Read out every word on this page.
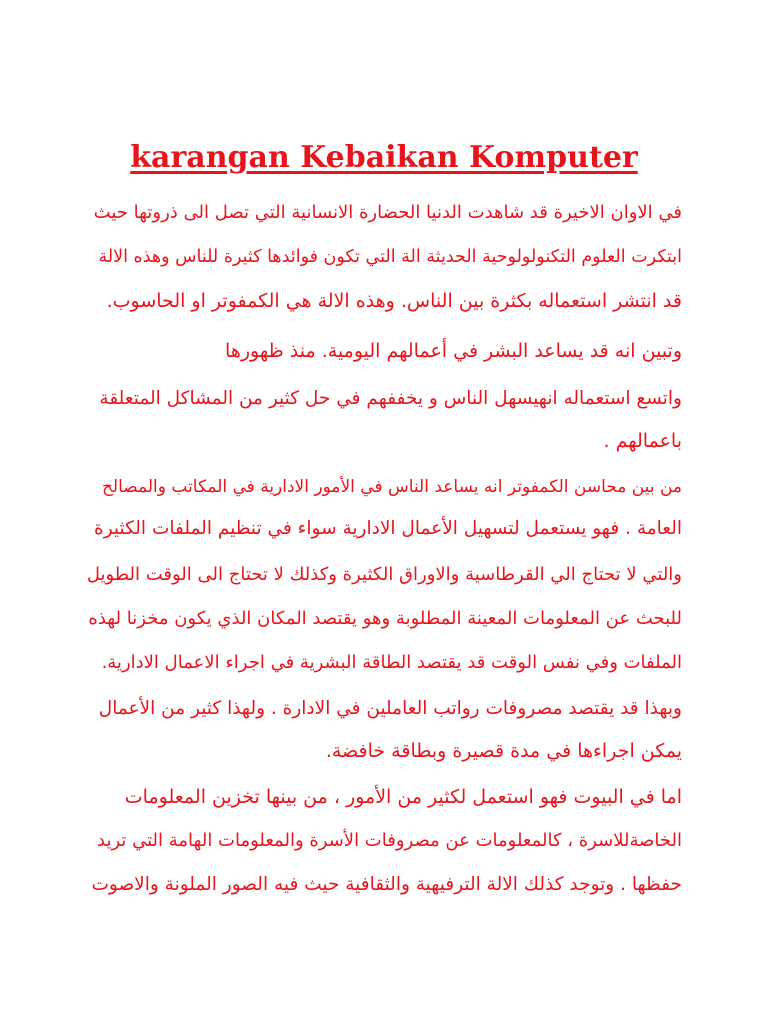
karangan Kebaikan Komputer
في الاوان الاخيرة قد شاهدت الدنيا الحضارة الانسانية التي تصل الى ذروتها حيث
ابتكرت العلوم التكنولولوحية الحديثة الة التي تكون فوائدها كثيرة للناس وهذه الالة
قد انتشر استعماله بكثرة بين الناس. وهذه الالة هي الكمفوتر او الحاسوب.
وتبين انه قد يساعد البشر في أعمالهم اليومية. منذ ظهورها
واتسع استعماله انهيسهل الناس و يخففهم في حل كثير من المشاكل المتعلقة
باعمالهم .
من بين محاسن الكمفوتر انه يساعد الناس في الأمور الادارية في المكاتب والمصالح
العامة . فهو يستعمل لتسهيل الأعمال الادارية سواء في تنظيم الملفات الكثيرة
والتي لا تحتاج الي القرطاسية والاوراق الكثيرة وكذلك لا تحتاج الى الوقت الطويل
للبحث عن المعلومات المعينة المطلوبة وهو يقتصد المكان الذي يكون مخزنا لهذه
الملفات وفي نفس الوقت قد يقتصد الطاقة البشرية في اجراء الاعمال الادارية.
وبهذا قد يقتصد مصروفات رواتب العاملين في الادارة . ولهذا كثير من الأعمال
يمكن اجراءها في مدة قصيرة وبطاقة خافضة.
اما في البيوت فهو استعمل لكثير من الأمور ، من بينها تخزين المعلومات
الخاصةللاسرة ، كالمعلومات عن مصروفات الأسرة والمعلومات الهامة التي تريد
حفظها . وتوجد كذلك الالة الترفيهية والثقافية حيث فيه الصور الملونة والاصوت
